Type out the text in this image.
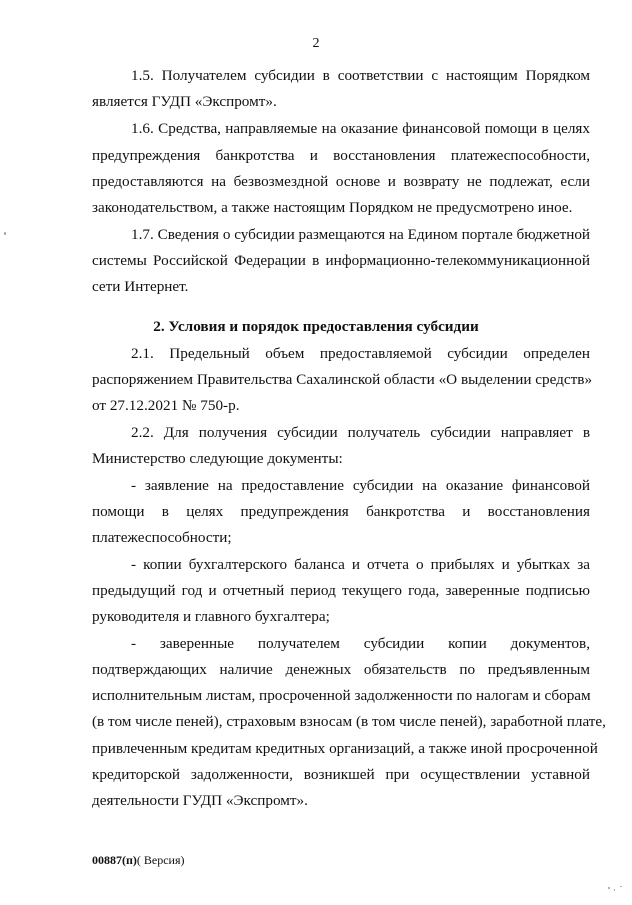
2
1.5. Получателем субсидии в соответствии с настоящим Порядком
является ГУДП «Экспромт».
1.6. Средства, направляемые на оказание финансовой помощи в целях
предупреждения банкротства и восстановления платежеспособности,
предоставляются на безвозмездной основе и возврату не подлежат, если
законодательством, а также настоящим Порядком не предусмотрено иное.
1.7. Сведения о субсидии размещаются на Едином портале бюджетной
системы Российской Федерации в информационно-телекоммуникационной
сети Интернет.
2. Условия и порядок предоставления субсидии
2.1. Предельный объем предоставляемой субсидии определен
распоряжением Правительства Сахалинской области «О выделении средств»
от 27.12.2021 № 750-р.
2.2. Для получения субсидии получатель субсидии направляет в
Министерство следующие документы:
- заявление на предоставление субсидии на оказание финансовой
помощи в целях предупреждения банкротства и восстановления
платежеспособности;
- копии бухгалтерского баланса и отчета о прибылях и убытках за
предыдущий год и отчетный период текущего года, заверенные подписью
руководителя и главного бухгалтера;
- заверенные получателем субсидии копии документов,
подтверждающих наличие денежных обязательств по предъявленным
исполнительным листам, просроченной задолженности по налогам и сборам
(в том числе пеней), страховым взносам (в том числе пеней), заработной плате,
привлеченным кредитам кредитных организаций, а также иной просроченной
кредиторской задолженности, возникшей при осуществлении уставной
деятельности ГУДП «Экспромт».
00887(п)( Версия)
